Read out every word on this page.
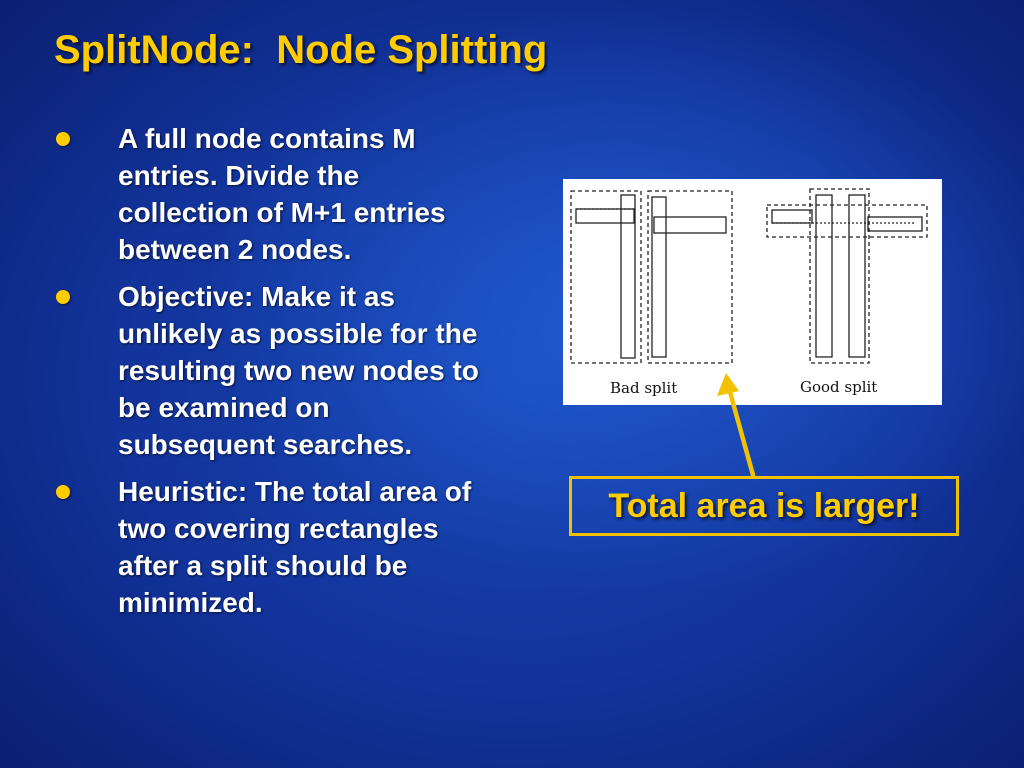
SplitNode:  Node Splitting
A full node contains M entries. Divide the collection of M+1 entries between 2 nodes.
Objective: Make it as unlikely as possible for the resulting two new nodes to be examined on subsequent searches.
Heuristic: The total area of two covering rectangles after a split should be minimized.
Bad split	Good split
Total area is larger!
